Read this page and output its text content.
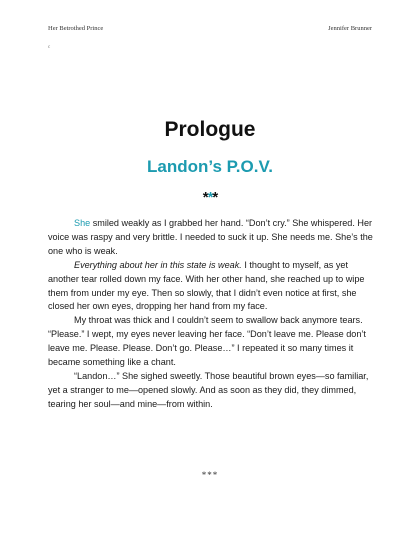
Her Betrothed Prince	Jennifer Brunner
c
Prologue
Landon’s P.O.V.
***

She smiled weakly as I grabbed her hand. “Don’t cry.” She whispered. Her voice was raspy and very brittle. I needed to suck it up. She needs me. She’s the one who is weak.

Everything about her in this state is weak. I thought to myself, as yet another tear rolled down my face. With her other hand, she reached up to wipe them from under my eye. Then so slowly, that I didn’t even notice at first, she closed her own eyes, dropping her hand from my face.

My throat was thick and I couldn’t seem to swallow back anymore tears. “Please.” I wept, my eyes never leaving her face. “Don’t leave me. Please don’t leave me. Please. Please. Don’t go. Please…” I repeated it so many times it became something like a chant.

“Landon…” She sighed sweetly. Those beautiful brown eyes—so familiar, yet a stranger to me—opened slowly. And as soon as they did, they dimmed, tearing her soul—and mine—from within.

***
